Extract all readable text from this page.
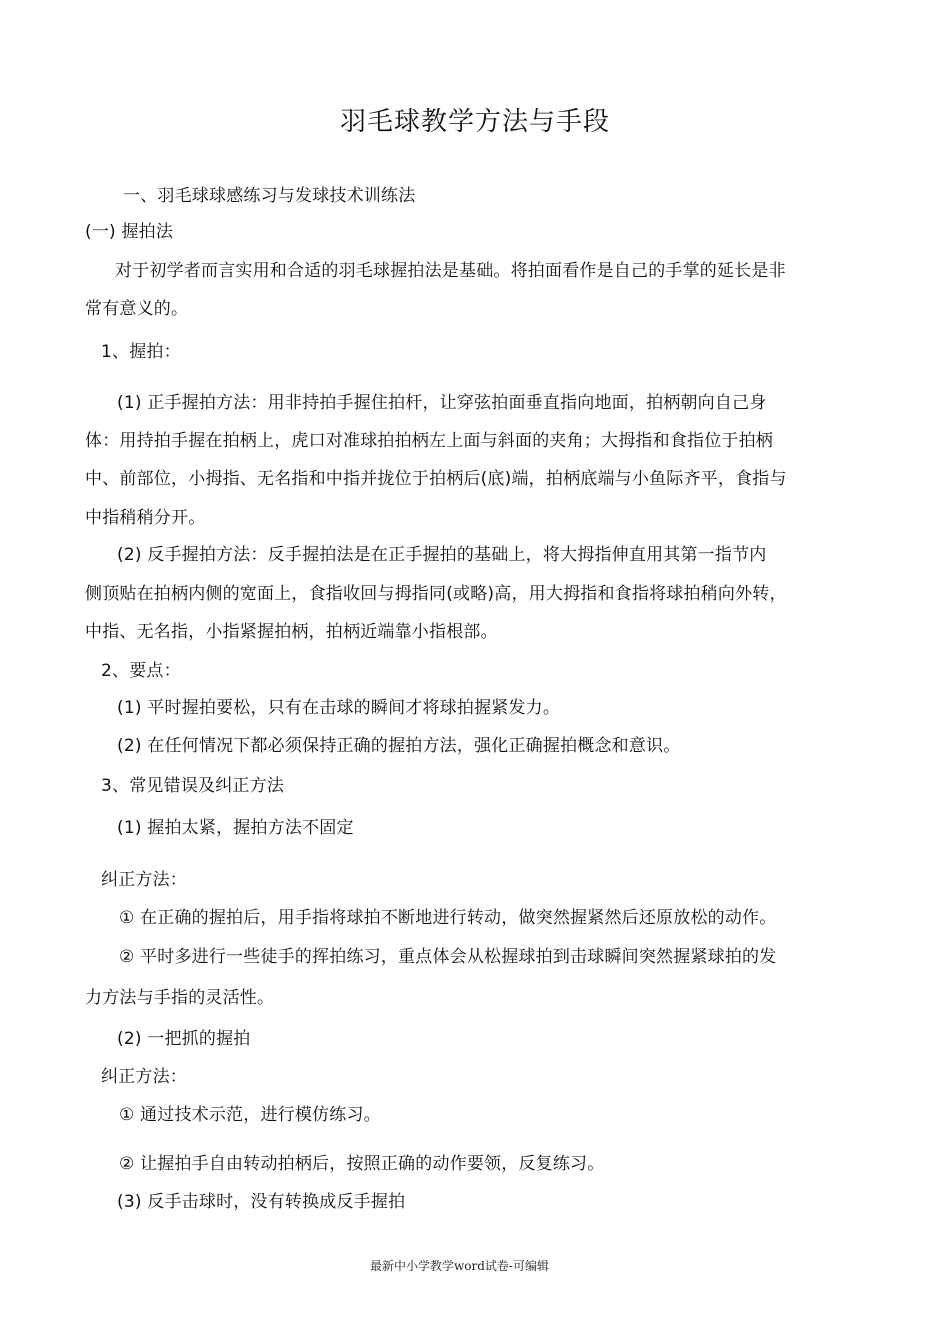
羽毛球教学方法与手段
一、羽毛球球感练习与发球技术训练法
(一) 握拍法
对于初学者而言实用和合适的羽毛球握拍法是基础。将拍面看作是自己的手掌的延长是非
常有意义的。
1、握拍：
(1) 正手握拍方法：用非持拍手握住拍杆，让穿弦拍面垂直指向地面，拍柄朝向自己身
体：用持拍手握在拍柄上，虎口对准球拍拍柄左上面与斜面的夹角；大拇指和食指位于拍柄
中、前部位，小拇指、无名指和中指并拢位于拍柄后(底)端，拍柄底端与小鱼际齐平，食指与
中指稍稍分开。
(2) 反手握拍方法：反手握拍法是在正手握拍的基础上，将大拇指伸直用其第一指节内
侧顶贴在拍柄内侧的宽面上，食指收回与拇指同(或略)高，用大拇指和食指将球拍稍向外转，
中指、无名指，小指紧握拍柄，拍柄近端靠小指根部。
2、要点：
(1) 平时握拍要松，只有在击球的瞬间才将球拍握紧发力。
(2) 在任何情况下都必须保持正确的握拍方法，强化正确握拍概念和意识。
3、常见错误及纠正方法
(1) 握拍太紧，握拍方法不固定
纠正方法：
① 在正确的握拍后，用手指将球拍不断地进行转动，做突然握紧然后还原放松的动作。
② 平时多进行一些徒手的挥拍练习，重点体会从松握球拍到击球瞬间突然握紧球拍的发
力方法与手指的灵活性。
(2) 一把抓的握拍
纠正方法：
① 通过技术示范，进行模仿练习。
② 让握拍手自由转动拍柄后，按照正确的动作要领，反复练习。
(3) 反手击球时，没有转换成反手握拍
最新中小学教学word试卷-可编辑
